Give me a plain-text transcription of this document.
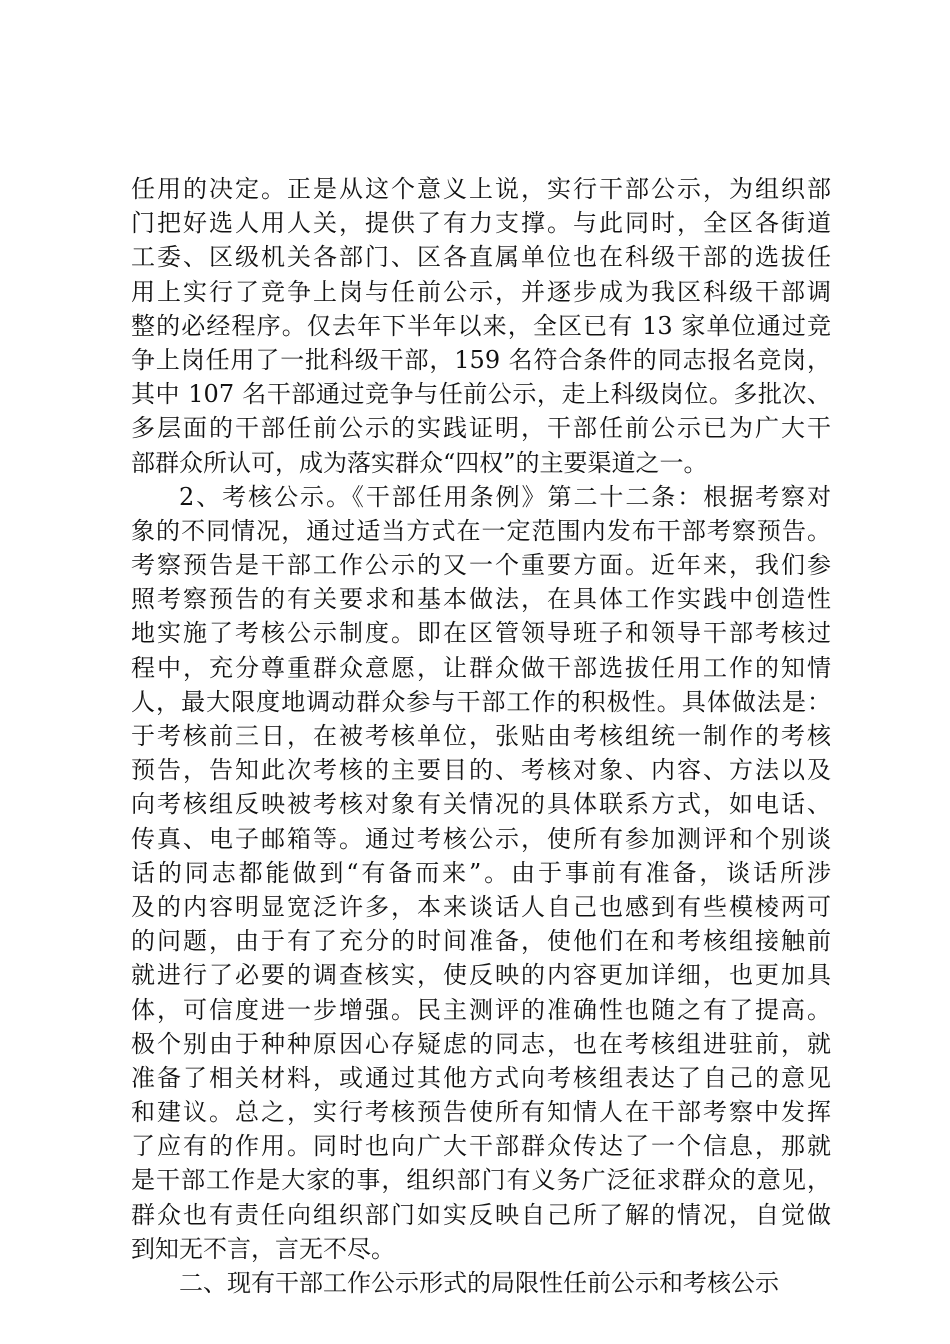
任用的决定。正是从这个意义上说，实行干部公示，为组织部
门把好选人用人关，提供了有力支撑。与此同时，全区各街道
工委、区级机关各部门、区各直属单位也在科级干部的选拔任
用上实行了竞争上岗与任前公示，并逐步成为我区科级干部调
整的必经程序。仅去年下半年以来，全区已有 13 家单位通过竞
争上岗任用了一批科级干部，159 名符合条件的同志报名竞岗，
其中 107 名干部通过竞争与任前公示，走上科级岗位。多批次、
多层面的干部任前公示的实践证明，干部任前公示已为广大干
部群众所认可，成为落实群众“四权”的主要渠道之一。
2、考核公示。《干部任用条例》第二十二条：根据考察对
象的不同情况，通过适当方式在一定范围内发布干部考察预告。
考察预告是干部工作公示的又一个重要方面。近年来，我们参
照考察预告的有关要求和基本做法，在具体工作实践中创造性
地实施了考核公示制度。即在区管领导班子和领导干部考核过
程中，充分尊重群众意愿，让群众做干部选拔任用工作的知情
人，最大限度地调动群众参与干部工作的积极性。具体做法是：
于考核前三日，在被考核单位，张贴由考核组统一制作的考核
预告，告知此次考核的主要目的、考核对象、内容、方法以及
向考核组反映被考核对象有关情况的具体联系方式，如电话、
传真、电子邮箱等。通过考核公示，使所有参加测评和个别谈
话的同志都能做到“有备而来”。由于事前有准备，谈话所涉
及的内容明显宽泛许多，本来谈话人自己也感到有些模棱两可
的问题，由于有了充分的时间准备，使他们在和考核组接触前
就进行了必要的调查核实，使反映的内容更加详细，也更加具
体，可信度进一步增强。民主测评的准确性也随之有了提高。
极个别由于种种原因心存疑虑的同志，也在考核组进驻前，就
准备了相关材料，或通过其他方式向考核组表达了自己的意见
和建议。总之，实行考核预告使所有知情人在干部考察中发挥
了应有的作用。同时也向广大干部群众传达了一个信息，那就
是干部工作是大家的事，组织部门有义务广泛征求群众的意见，
群众也有责任向组织部门如实反映自己所了解的情况，自觉做
到知无不言，言无不尽。
二、现有干部工作公示形式的局限性任前公示和考核公示
